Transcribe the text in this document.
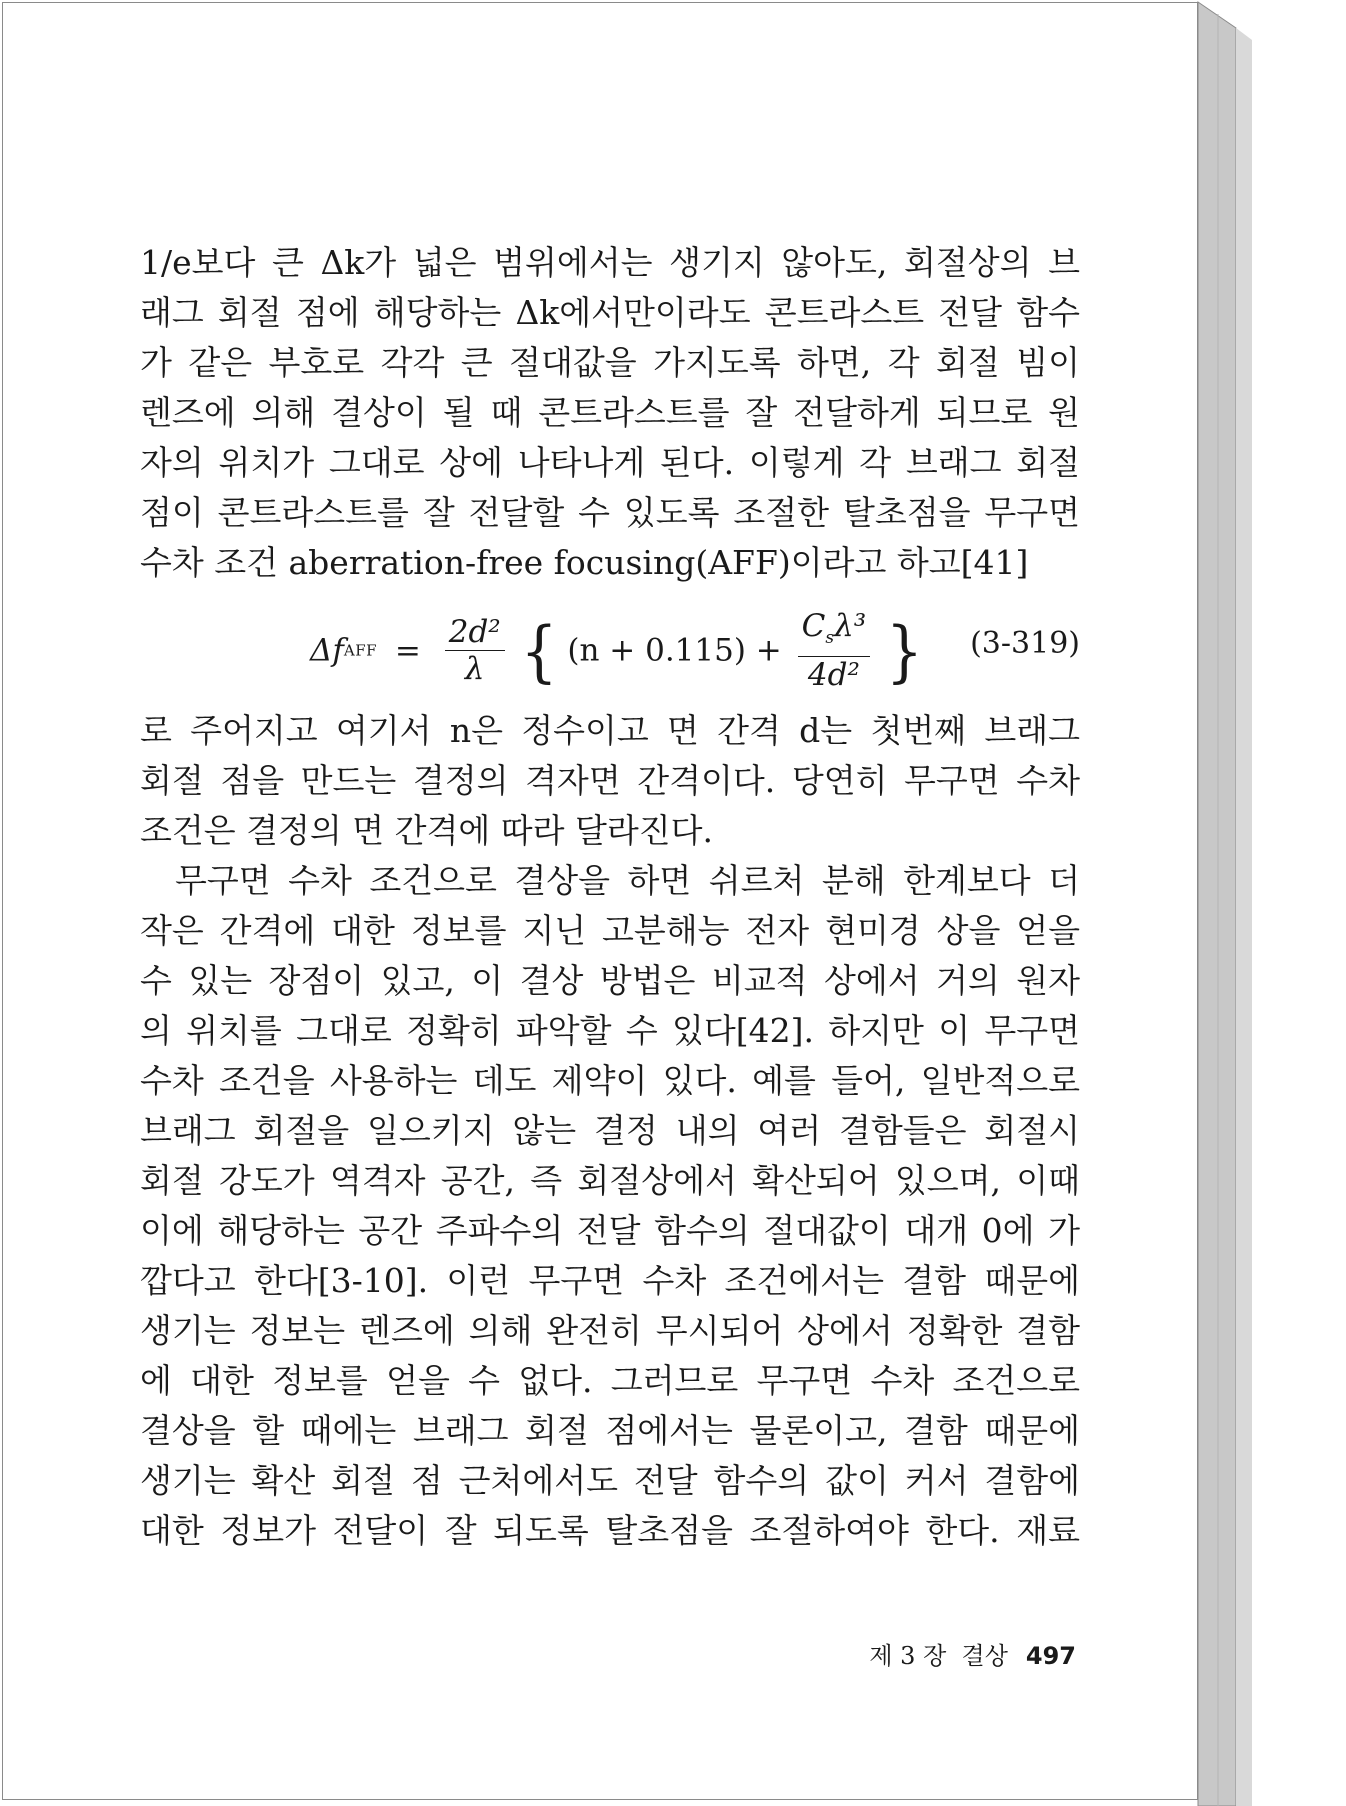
1/e보다 큰 Δk가 넓은 범위에서는 생기지 않아도, 회절상의 브
래그 회절 점에 해당하는 Δk에서만이라도 콘트라스트 전달 함수
가 같은 부호로 각각 큰 절대값을 가지도록 하면, 각 회절 빔이
렌즈에 의해 결상이 될 때 콘트라스트를 잘 전달하게 되므로 원
자의 위치가 그대로 상에 나타나게 된다. 이렇게 각 브래그 회절
점이 콘트라스트를 잘 전달할 수 있도록 조절한 탈초점을 무구면
수차 조건 aberration-free focusing(AFF)이라고 하고[41]
ΔfAFF = $\frac{\text{2d²}}{\lambda}$ { $(n + 0.115) + \frac{C_s\lambda^3}{\text{4d²}}$ } (3-319)
로 주어지고 여기서 n은 정수이고 면 간격 d는 첫번째 브래그
회절 점을 만드는 결정의 격자면 간격이다. 당연히 무구면 수차
조건은 결정의 면 간격에 따라 달라진다.
무구면 수차 조건으로 결상을 하면 쉬르처 분해 한계보다 더
작은 간격에 대한 정보를 지닌 고분해능 전자 현미경 상을 얻을
수 있는 장점이 있고, 이 결상 방법은 비교적 상에서 거의 원자
의 위치를 그대로 정확히 파악할 수 있다[42]. 하지만 이 무구면
수차 조건을 사용하는 데도 제약이 있다. 예를 들어, 일반적으로
브래그 회절을 일으키지 않는 결정 내의 여러 결함들은 회절시
회절 강도가 역격자 공간, 즉 회절상에서 확산되어 있으며, 이때
이에 해당하는 공간 주파수의 전달 함수의 절대값이 대개 0에 가
깝다고 한다[3-10]. 이런 무구면 수차 조건에서는 결함 때문에
생기는 정보는 렌즈에 의해 완전히 무시되어 상에서 정확한 결함
에 대한 정보를 얻을 수 없다. 그러므로 무구면 수차 조건으로
결상을 할 때에는 브래그 회절 점에서는 물론이고, 결함 때문에
생기는 확산 회절 점 근처에서도 전달 함수의 값이 커서 결함에
대한 정보가 전달이 잘 되도록 탈초점을 조절하여야 한다. 재료
제 3 장  결상 497
